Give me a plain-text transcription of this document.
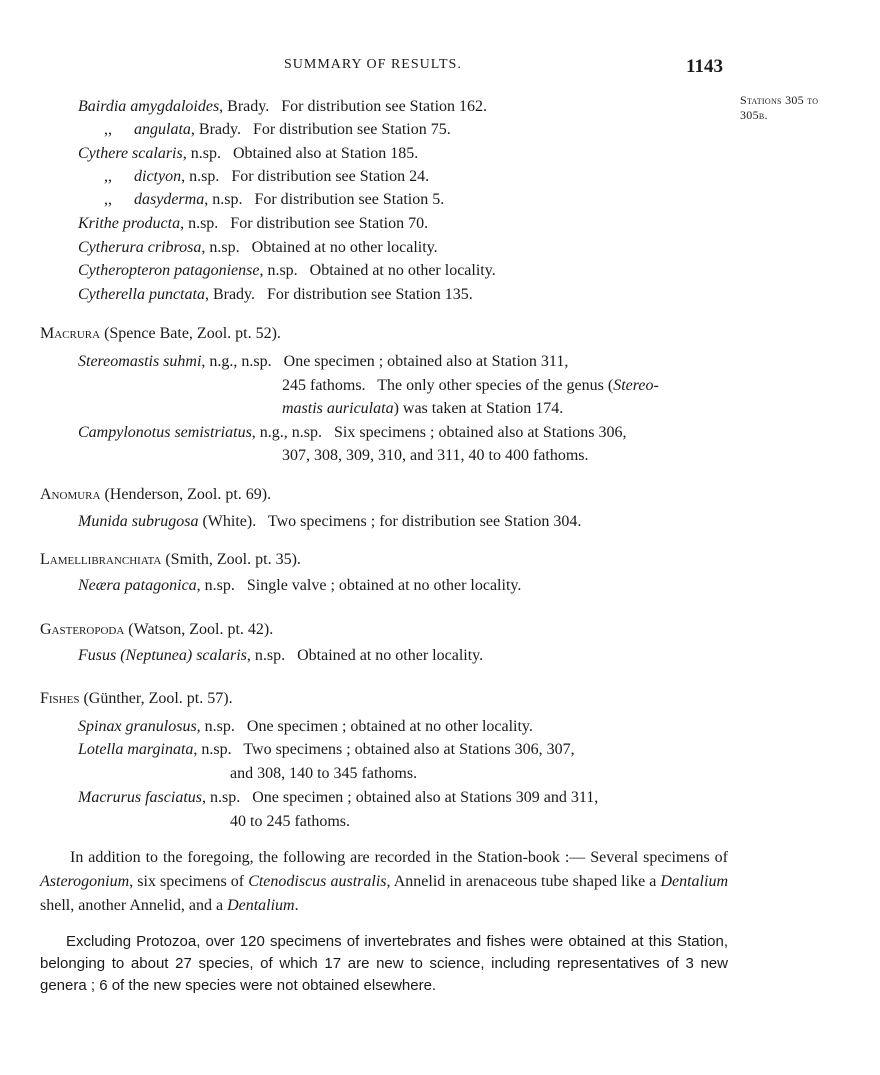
SUMMARY OF RESULTS.	1143
Stations 305 to
305b.
Bairdia amygdaloides, Brady.   For distribution see Station 162.
,, angulata, Brady.   For distribution see Station 75.
Cythere scalaris, n.sp.   Obtained also at Station 185.
,, dictyon, n.sp.   For distribution see Station 24.
,, dasyderma, n.sp.   For distribution see Station 5.
Krithe producta, n.sp.   For distribution see Station 70.
Cytherura cribrosa, n.sp.   Obtained at no other locality.
Cytheropteron patagoniense, n.sp.   Obtained at no other locality.
Cytherella punctata, Brady.   For distribution see Station 135.
Macrura (Spence Bate, Zool. pt. 52).
Stereomastis suhmi, n.g., n.sp.   One specimen ; obtained also at Station 311,
245 fathoms.   The only other species of the genus (Stereo-
mastis auriculata) was taken at Station 174.
Campylonotus semistriatus, n.g., n.sp.   Six specimens ; obtained also at Stations 306,
307, 308, 309, 310, and 311, 40 to 400 fathoms.
Anomura (Henderson, Zool. pt. 69).
Munida subrugosa (White).   Two specimens ; for distribution see Station 304.
Lamellibranchiata (Smith, Zool. pt. 35).
Neæra patagonica, n.sp.   Single valve ; obtained at no other locality.
Gasteropoda (Watson, Zool. pt. 42).
Fusus (Neptunea) scalaris, n.sp.   Obtained at no other locality.
Fishes (Günther, Zool. pt. 57).
Spinax granulosus, n.sp.   One specimen ; obtained at no other locality.
Lotella marginata, n.sp.   Two specimens ; obtained also at Stations 306, 307,
and 308, 140 to 345 fathoms.
Macrurus fasciatus, n.sp.   One specimen ; obtained also at Stations 309 and 311,
40 to 245 fathoms.
In addition to the foregoing, the following are recorded in the Station-book :— Several specimens of Asterogonium, six specimens of Ctenodiscus australis, Annelid in arenaceous tube shaped like a Dentalium shell, another Annelid, and a Dentalium.
Excluding Protozoa, over 120 specimens of invertebrates and fishes were obtained at this Station, belonging to about 27 species, of which 17 are new to science, including representatives of 3 new genera ; 6 of the new species were not obtained elsewhere.
